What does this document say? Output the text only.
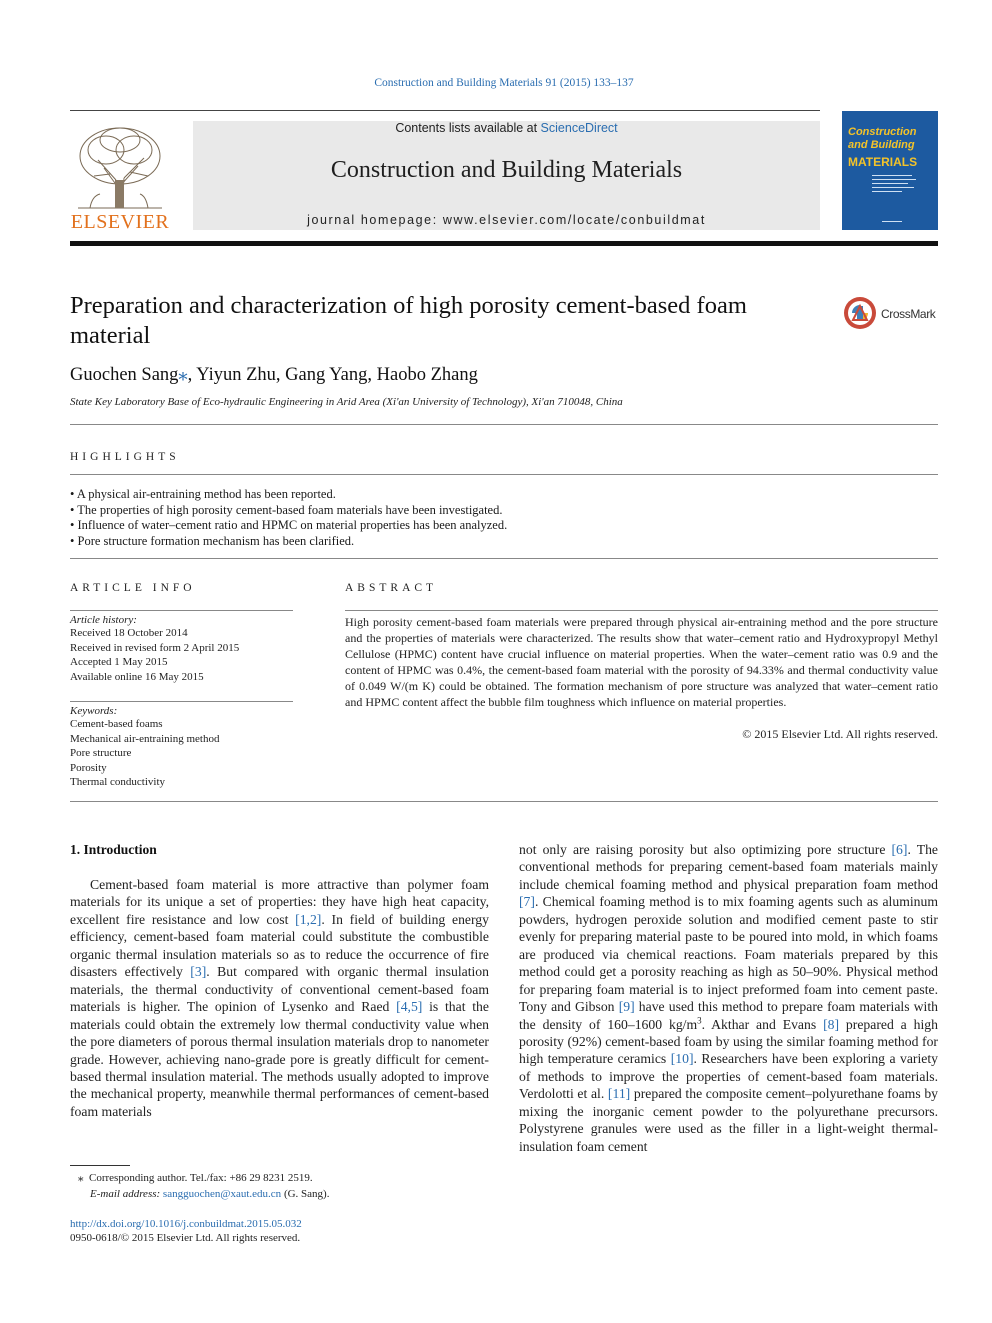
Construction and Building Materials 91 (2015) 133–137
ELSEVIER
Contents lists available at ScienceDirect
Construction and Building Materials
journal homepage: www.elsevier.com/locate/conbuildmat
Construction
and Building
MATERIALS
Preparation and characterization of high porosity cement-based foam material
CrossMark
Guochen Sang⁎, Yiyun Zhu, Gang Yang, Haobo Zhang
State Key Laboratory Base of Eco-hydraulic Engineering in Arid Area (Xi'an University of Technology), Xi'an 710048, China
HIGHLIGHTS
• A physical air-entraining method has been reported.
• The properties of high porosity cement-based foam materials have been investigated.
• Influence of water–cement ratio and HPMC on material properties has been analyzed.
• Pore structure formation mechanism has been clarified.
ARTICLE INFO
Article history:
Received 18 October 2014
Received in revised form 2 April 2015
Accepted 1 May 2015
Available online 16 May 2015
Keywords:
Cement-based foams
Mechanical air-entraining method
Pore structure
Porosity
Thermal conductivity
ABSTRACT
High porosity cement-based foam materials were prepared through physical air-entraining method and the pore structure and the properties of materials were characterized. The results show that water–cement ratio and Hydroxypropyl Methyl Cellulose (HPMC) content have crucial influence on material properties. When the water–cement ratio was 0.9 and the content of HPMC was 0.4%, the cement-based foam material with the porosity of 94.33% and thermal conductivity value of 0.049 W/(m K) could be obtained. The formation mechanism of pore structure was analyzed that water–cement ratio and HPMC content affect the bubble film toughness which influence on material properties.
© 2015 Elsevier Ltd. All rights reserved.
1. Introduction
Cement-based foam material is more attractive than polymer foam materials for its unique a set of properties: they have high heat capacity, excellent fire resistance and low cost [1,2]. In field of building energy efficiency, cement-based foam material could substitute the combustible organic thermal insulation materials so as to reduce the occurrence of fire disasters effectively [3]. But compared with organic thermal insulation materials, the thermal conductivity of conventional cement-based foam materials is higher. The opinion of Lysenko and Raed [4,5] is that the materials could obtain the extremely low thermal conductivity value when the pore diameters of porous thermal insulation materials drop to nanometer grade. However, achieving nano-grade pore is greatly difficult for cement-based thermal insulation material. The methods usually adopted to improve the mechanical property, meanwhile thermal performances of cement-based foam materials
not only are raising porosity but also optimizing pore structure [6]. The conventional methods for preparing cement-based foam materials mainly include chemical foaming method and physical preparation foam method [7]. Chemical foaming method is to mix foaming agents such as aluminum powders, hydrogen peroxide solution and modified cement paste to stir evenly for preparing material paste to be poured into mold, in which foams are produced via chemical reactions. Foam materials prepared by this method could get a porosity reaching as high as 50–90%. Physical method for preparing foam material is to inject preformed foam into cement paste. Tony and Gibson [9] have used this method to prepare foam materials with the density of 160–1600 $kg/m^3$. Akthar and Evans [8] prepared a high porosity (92%) cement-based foam by using the similar foaming method for high temperature ceramics [10]. Researchers have been exploring a variety of methods to improve the properties of cement-based foam materials. Verdolotti et al. [11] prepared the composite cement–polyurethane foams by mixing the inorganic cement powder to the polyurethane precursors. Polystyrene granules were used as the filler in a light-weight thermal-insulation foam cement
⁎ Corresponding author. Tel./fax: +86 29 8231 2519.
E-mail address: sangguochen@xaut.edu.cn (G. Sang).
http://dx.doi.org/10.1016/j.conbuildmat.2015.05.032
0950-0618/© 2015 Elsevier Ltd. All rights reserved.
